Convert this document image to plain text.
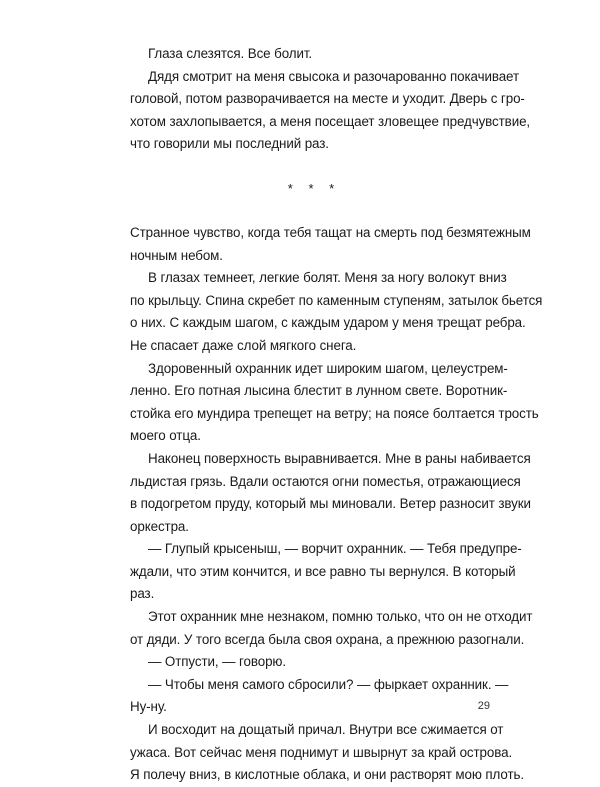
Глаза слезятся. Все болит.
Дядя смотрит на меня свысока и разочарованно покачивает
головой, потом разворачивается на месте и уходит. Дверь с гро-
хотом захлопывается, а меня посещает зловещее предчувствие,
что говорили мы последний раз.
* * *
Странное чувство, когда тебя тащат на смерть под безмятежным
ночным небом.
В глазах темнеет, легкие болят. Меня за ногу волокут вниз
по крыльцу. Спина скребет по каменным ступеням, затылок бьется
о них. С каждым шагом, с каждым ударом у меня трещат ребра.
Не спасает даже слой мягкого снега.
Здоровенный охранник идет широким шагом, целеустрем-
ленно. Его потная лысина блестит в лунном свете. Воротник-
стойка его мундира трепещет на ветру; на поясе болтается трость
моего отца.
Наконец поверхность выравнивается. Мне в раны набивается
льдистая грязь. Вдали остаются огни поместья, отражающиеся
в подогретом пруду, который мы миновали. Ветер разносит звуки
оркестра.
— Глупый крысеныш, — ворчит охранник. — Тебя предупре-
ждали, что этим кончится, и все равно ты вернулся. В который
раз.
Этот охранник мне незнаком, помню только, что он не отходит
от дяди. У того всегда была своя охрана, а прежнюю разогнали.
— Отпусти, — говорю.
— Чтобы меня самого сбросили? — фыркает охранник. —
Ну-ну.
И восходит на дощатый причал. Внутри все сжимается от
ужаса. Вот сейчас меня поднимут и швырнут за край острова.
Я полечу вниз, в кислотные облака, и они растворят мою плоть.
29
